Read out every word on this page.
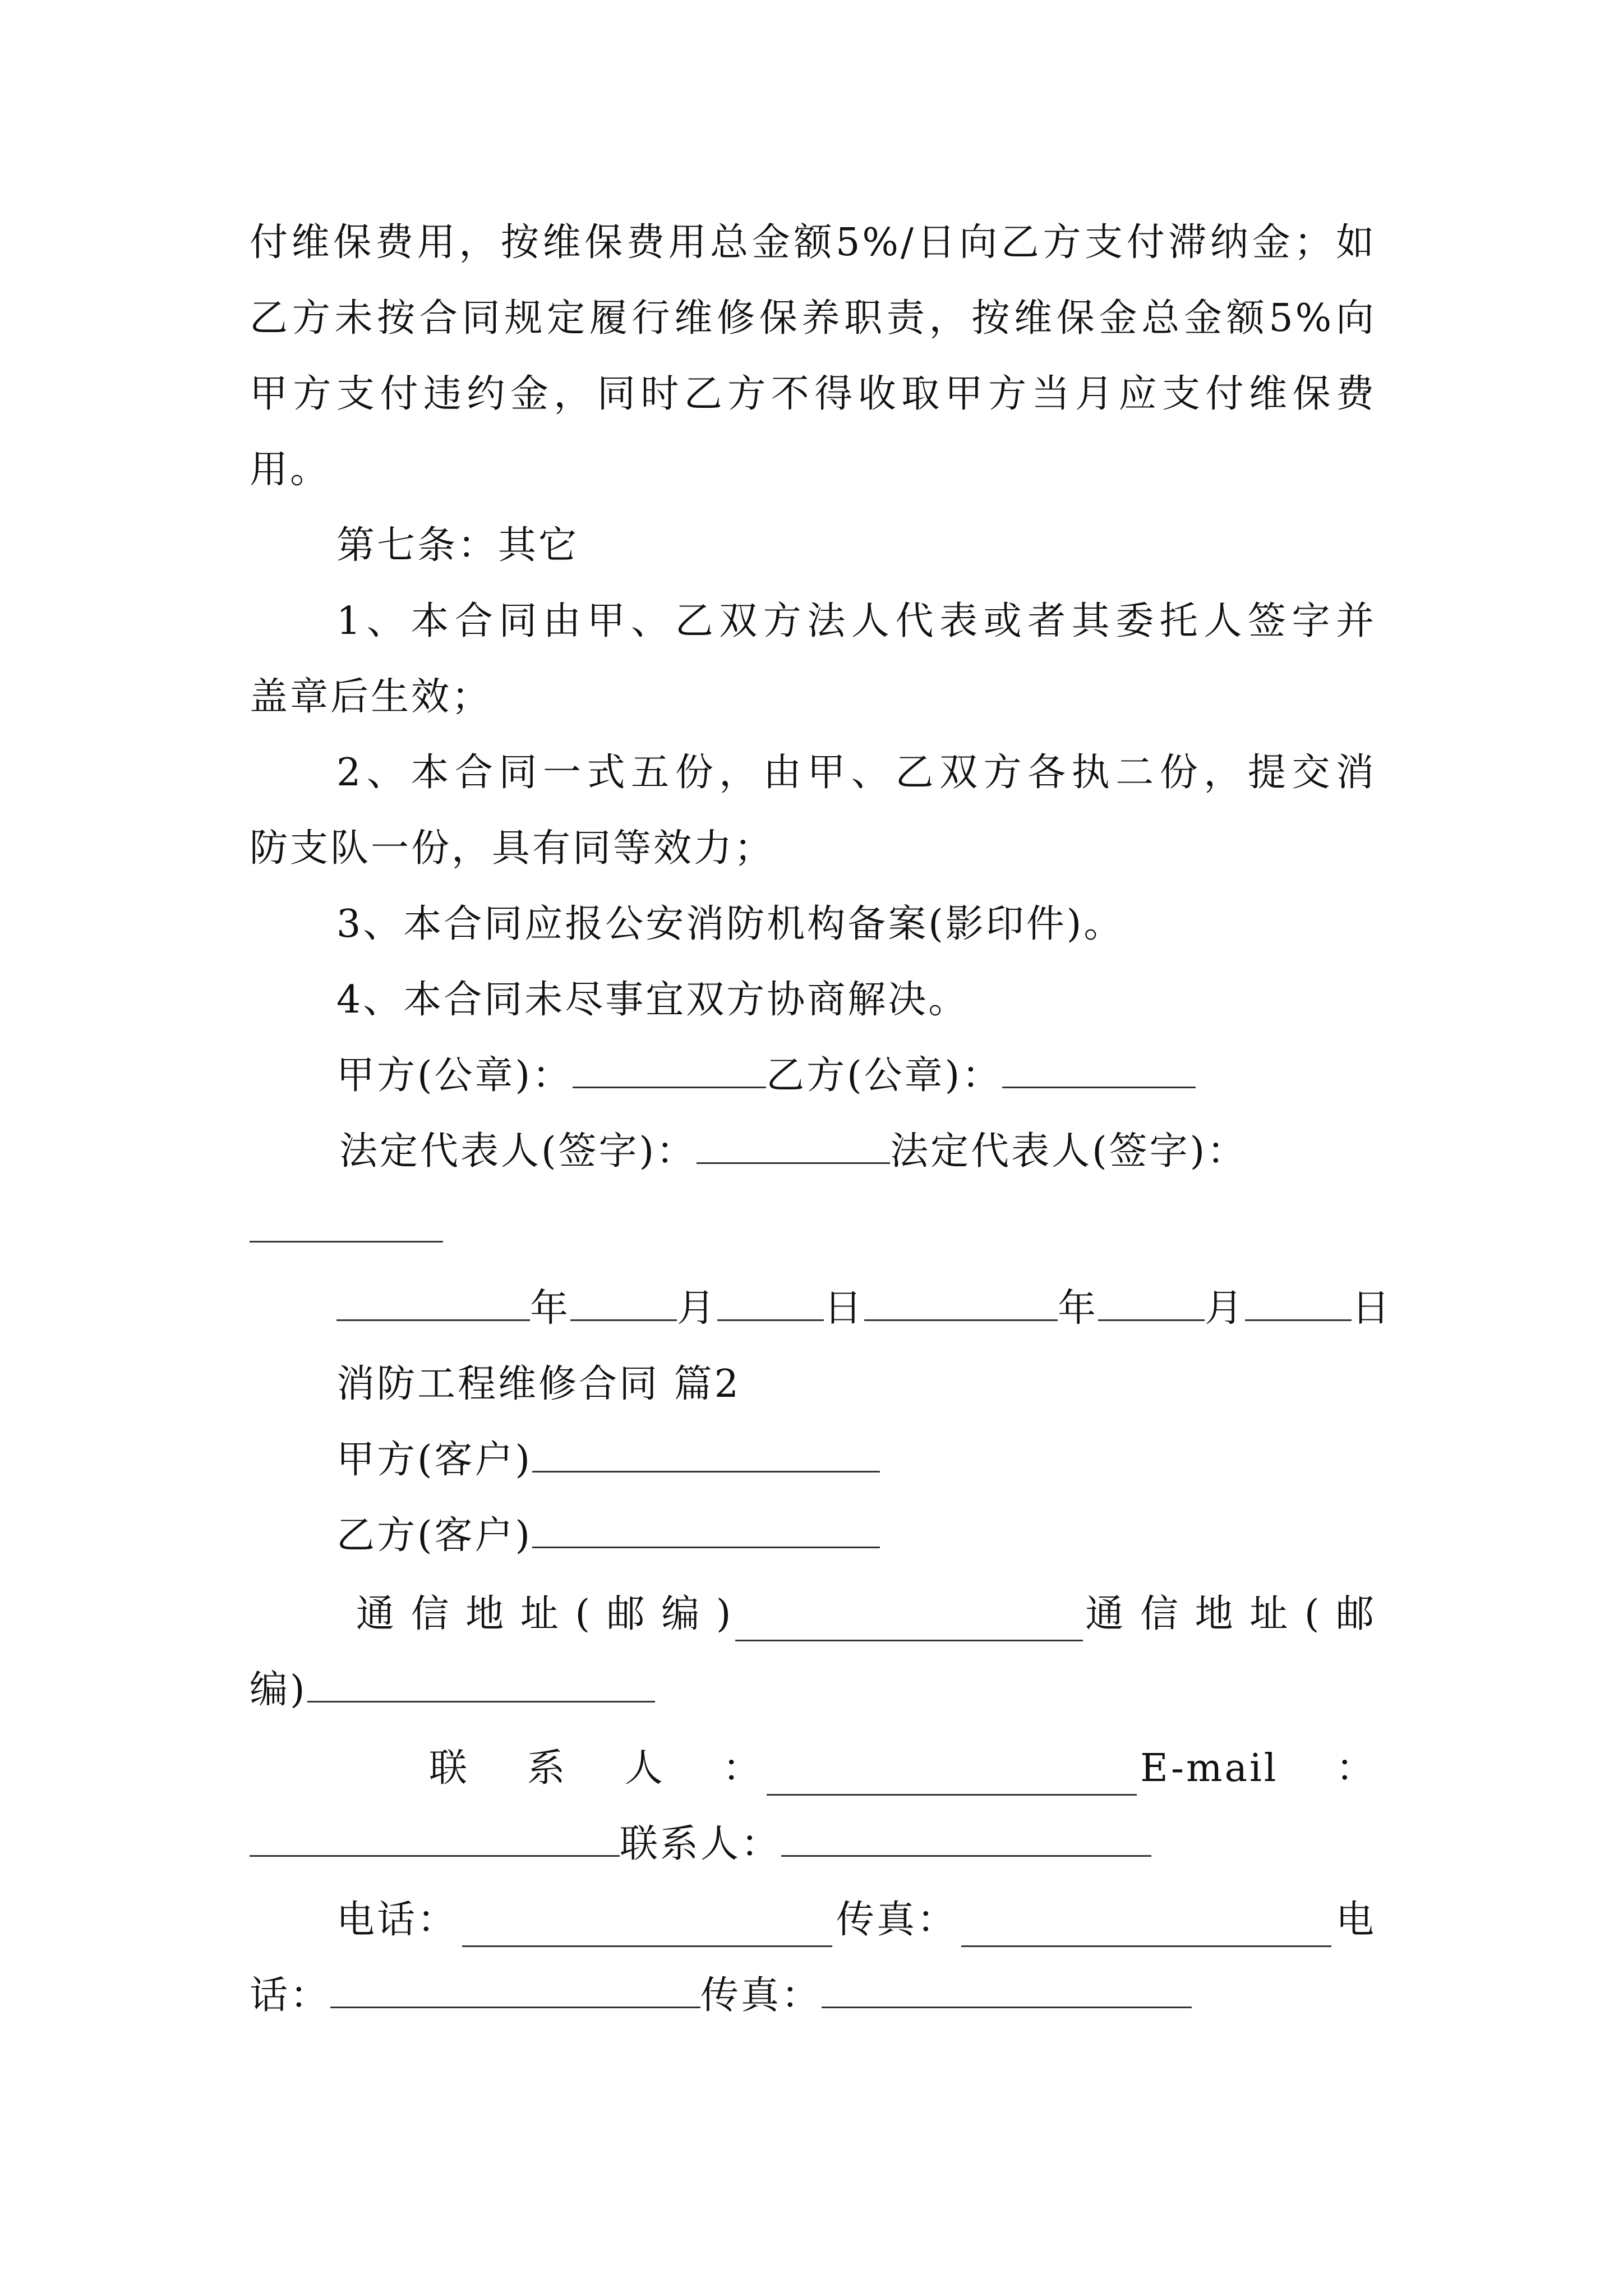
付维保费用，按维保费用总金额5%/日向乙方支付滞纳金；如
乙方未按合同规定履行维修保养职责，按维保金总金额5%向
甲方支付违约金，同时乙方不得收取甲方当月应支付维保费
用。
第七条：其它
1、本合同由甲、乙双方法人代表或者其委托人签字并
盖章后生效；
2、本合同一式五份，由甲、乙双方各执二份，提交消
防支队一份，具有同等效力；
3、本合同应报公安消防机构备案(影印件)。
4、本合同未尽事宜双方协商解决。
甲方(公章)：	乙方(公章)：
法定代表人(签字)：	法定代表人(签字)：
年	月	日	年	月	日
消防工程维修合同 篇2
甲方(客户)
乙方(客户)
通 信 地 址 ( 邮 编 )	通 信 地 址 ( 邮
编)
联    系    人    ：	E-mail    ：
联系人：
电话：	传真：	电
话：	传真：
